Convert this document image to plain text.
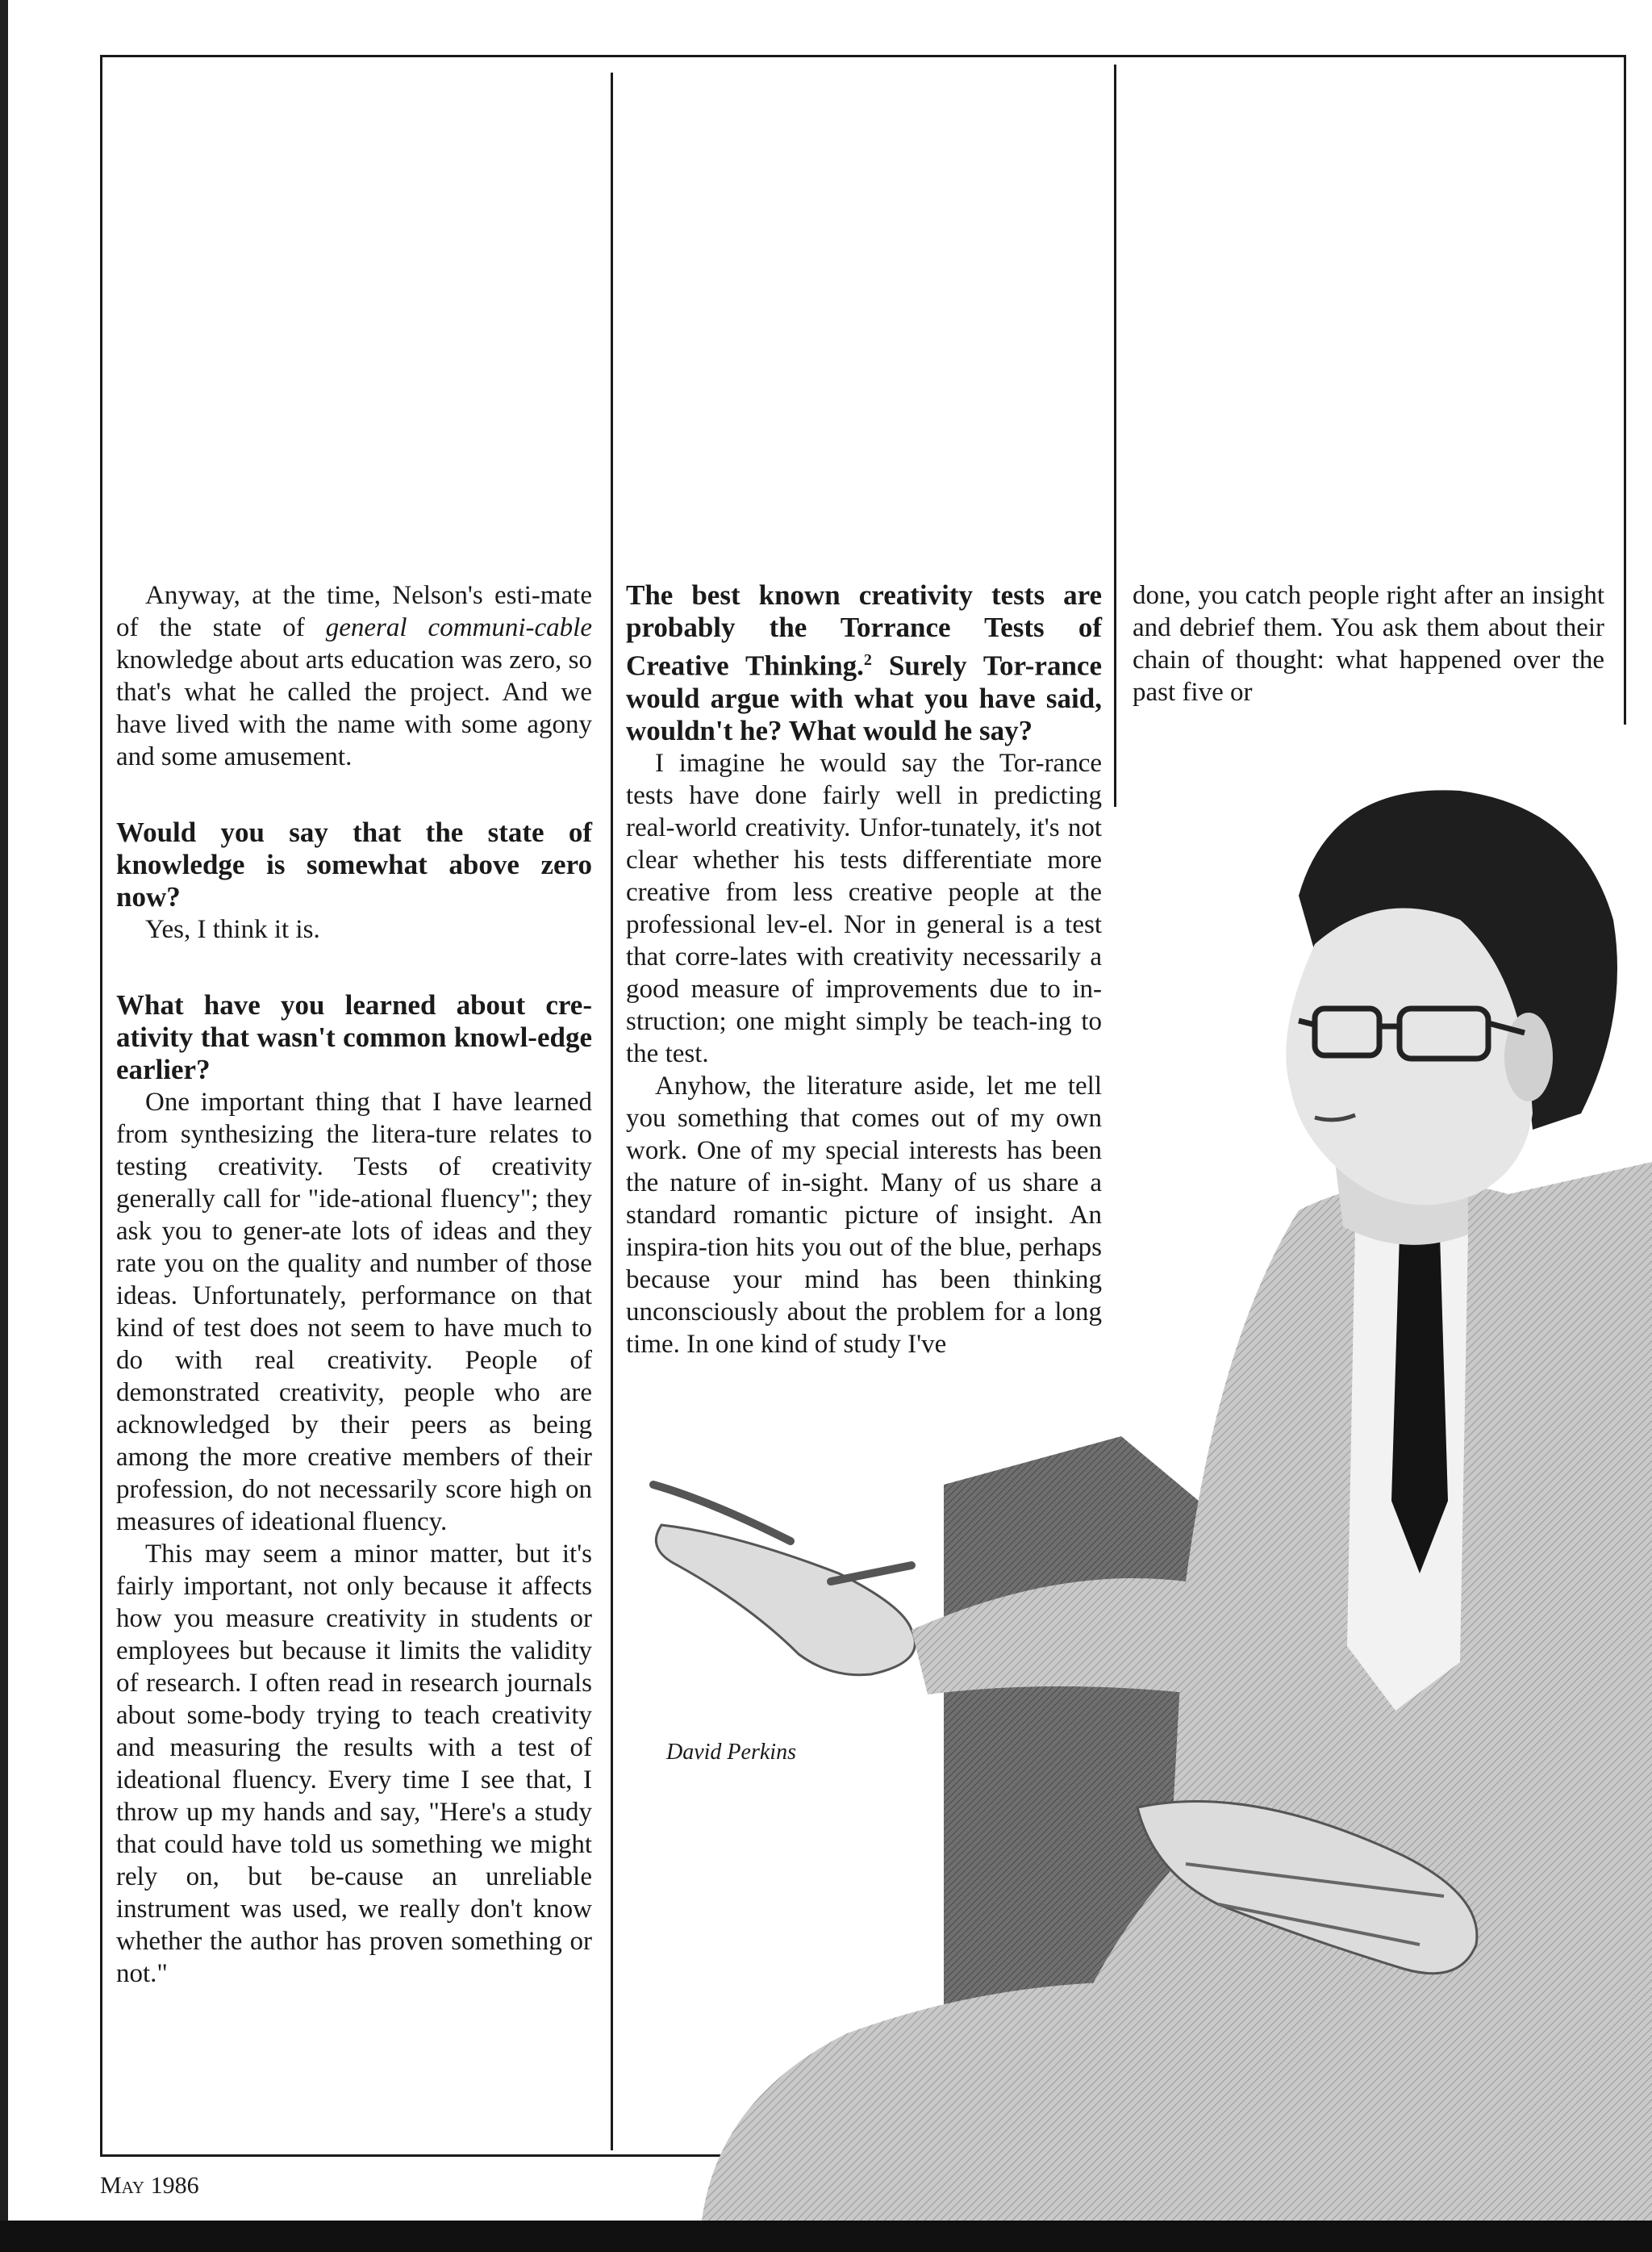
Anyway, at the time, Nelson's esti-mate of the state of general communi-cable knowledge about arts education was zero, so that's what he called the project. And we have lived with the name with some agony and some amusement.

Would you say that the state of knowledge is somewhat above zero now?

Yes, I think it is.

What have you learned about cre-ativity that wasn't common knowl-edge earlier?

One important thing that I have learned from synthesizing the litera-ture relates to testing creativity. Tests of creativity generally call for "ide-ational fluency"; they ask you to gener-ate lots of ideas and they rate you on the quality and number of those ideas. Unfortunately, performance on that kind of test does not seem to have much to do with real creativity. People of demonstrated creativity, people who are acknowledged by their peers as being among the more creative members of their profession, do not necessarily score high on measures of ideational fluency.

This may seem a minor matter, but it's fairly important, not only because it affects how you measure creativity in students or employees but because it limits the validity of research. I often read in research journals about some-body trying to teach creativity and measuring the results with a test of ideational fluency. Every time I see that, I throw up my hands and say, "Here's a study that could have told us something we might rely on, but be-cause an unreliable instrument was used, we really don't know whether the author has proven something or not."

The best known creativity tests are probably the Torrance Tests of Creative Thinking.$^2$ Surely Tor-rance would argue with what you have said, wouldn't he? What would he say?

I imagine he would say the Tor-rance tests have done fairly well in predicting real-world creativity. Unfor-tunately, it's not clear whether his tests differentiate more creative from less creative people at the professional lev-el. Nor in general is a test that corre-lates with creativity necessarily a good measure of improvements due to in-struction; one might simply be teach-ing to the test.

Anyhow, the literature aside, let me tell you something that comes out of my own work. One of my special interests has been the nature of in-sight. Many of us share a standard romantic picture of insight. An inspira-tion hits you out of the blue, perhaps because your mind has been thinking unconsciously about the problem for a long time. In one kind of study I've

done, you catch people right after an insight and debrief them. You ask them about their chain of thought: what happened over the past five or

David Perkins
May 1986
